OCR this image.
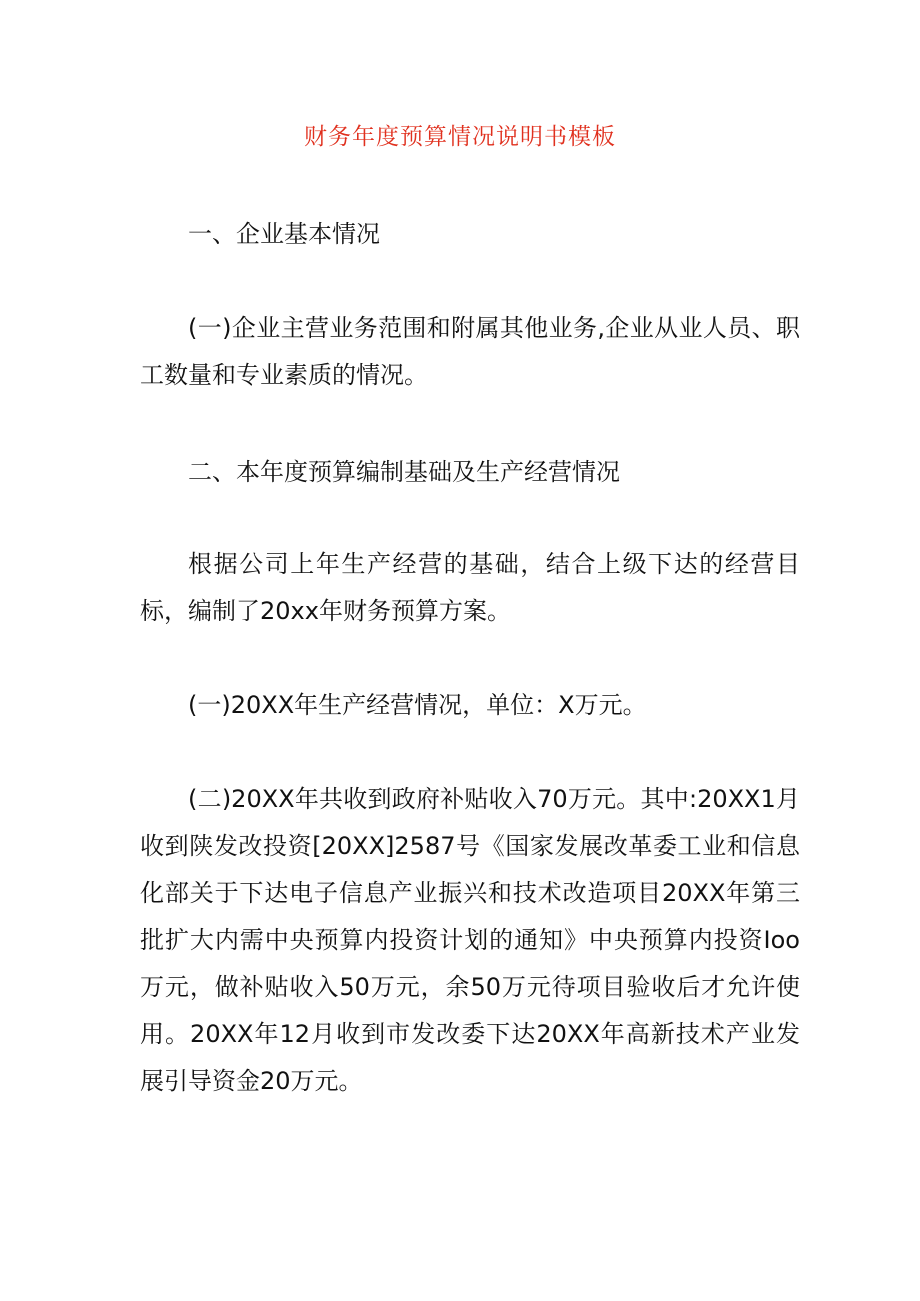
财务年度预算情况说明书模板

一、企业基本情况

(一)企业主营业务范围和附属其他业务,企业从业人员、职工数量和专业素质的情况。

二、本年度预算编制基础及生产经营情况

根据公司上年生产经营的基础，结合上级下达的经营目标，编制了20xx年财务预算方案。

(一)20XX年生产经营情况，单位：X万元。

(二)20XX年共收到政府补贴收入70万元。其中:20XX1月收到陕发改投资[20XX]2587号《国家发展改革委工业和信息化部关于下达电子信息产业振兴和技术改造项目20XX年第三批扩大内需中央预算内投资计划的通知》中央预算内投资Ioo万元，做补贴收入50万元，余50万元待项目验收后才允许使用。20XX年12月收到市发改委下达20XX年高新技术产业发展引导资金20万元。
